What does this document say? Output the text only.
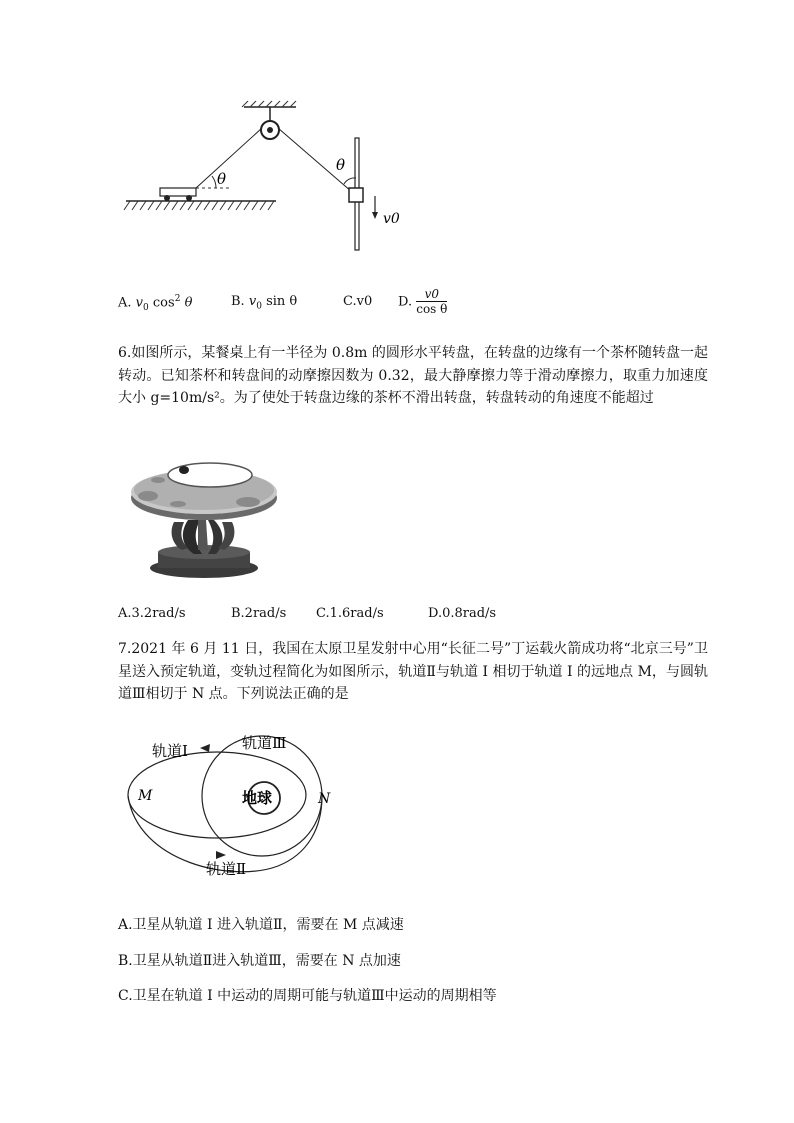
θ
θ
v0
A. $v_0$ $\cos^2 \theta$	B. $v_0$ sin θ	C.v0 D. $\frac{v0}{\text{cos θ}}$
6.如图所示，某餐桌上有一半径为 0.8m 的圆形水平转盘，在转盘的边缘有一个茶杯随转盘一起转动。已知茶杯和转盘间的动摩擦因数为 0.32，最大静摩擦力等于滑动摩擦力，取重力加速度大小 g=10m/s²。为了使处于转盘边缘的茶杯不滑出转盘，转盘转动的角速度不能超过
A.3.2rad/s	B.2rad/s C.1.6rad/s	D.0.8rad/s
7.2021 年 6 月 11 日，我国在太原卫星发射中心用“长征二号”丁运载火箭成功将“北京三号”卫星送入预定轨道，变轨过程简化为如图所示，轨道Ⅱ与轨道 I 相切于轨道 I 的远地点 M，与圆轨道Ⅲ相切于 N 点。下列说法正确的是
轨道Ⅰ	轨道Ⅲ
轨道Ⅱ
地球
M	N
A.卫星从轨道 I 进入轨道Ⅱ，需要在 M 点减速
B.卫星从轨道Ⅱ进入轨道Ⅲ，需要在 N 点加速
C.卫星在轨道 I 中运动的周期可能与轨道Ⅲ中运动的周期相等
